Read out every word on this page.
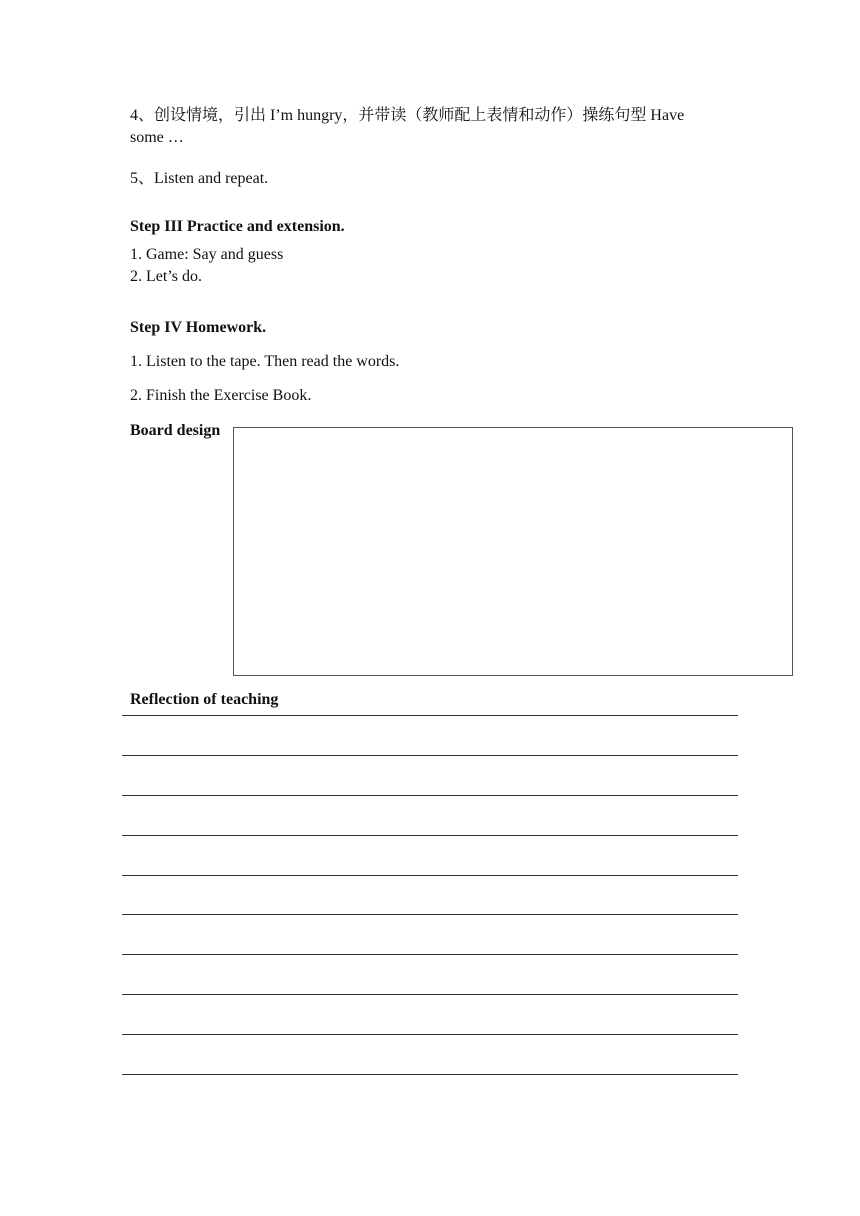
4、创设情境，引出 I’m hungry，并带读（教师配上表情和动作）操练句型 Have
some …
5、Listen and repeat.
Step III Practice and extension.
1. Game: Say and guess
2. Let’s do.
Step IV Homework.
1. Listen to the tape. Then read the words.
2. Finish the Exercise Book.
Board design
Reflection of teaching
